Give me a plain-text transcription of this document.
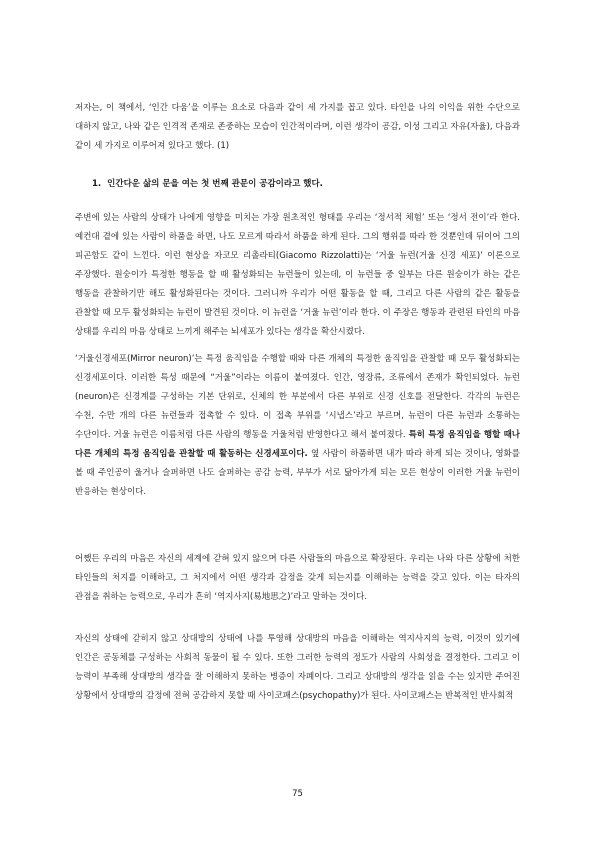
저자는, 이 책에서, ‘인간 다움’을 이루는 요소로 다음과 같이 세 가지를 꼽고 있다. 타인을 나의 이익을 위한 수단으로 대하지 않고, 나와 같은 인격적 존재로 존중하는 모습이 인간적이라며, 이런 생각이 공감, 이성 그리고 자유(자율), 다음과 같이 세 가지로 이루어져 있다고 했다. (1)

1. 인간다운 삶의 문을 여는 첫 번째 관문이 공감이라고 했다.

주변에 있는 사람의 상태가 나에게 영향을 미치는 가장 원초적인 형태를 우리는 ‘정서적 체험’ 또는 ‘정서 전이’라 한다. 예컨대 곁에 있는 사람이 하품을 하면, 나도 모르게 따라서 하품을 하게 된다. 그의 행위를 따라 한 것뿐인데 뒤이어 그의 피곤함도 같이 느낀다. 이런 현상을 자코모 리촐라티(Giacomo Rizzolatti)는 ‘거울 뉴런(거울 신경 세포)’ 이론으로 주장했다. 원숭이가 특정한 행동을 할 때 활성화되는 뉴런들이 있는데, 이 뉴런들 중 일부는 다른 원숭이가 하는 같은 행동을 관찰하기만 해도 활성화된다는 것이다. 그러니까 우리가 어떤 활동을 할 때, 그리고 다른 사람의 같은 활동을 관찰할 때 모두 활성화되는 뉴런이 발견된 것이다. 이 뉴런을 ‘거울 뉴런’이라 한다. 이 주장은 행동과 관련된 타인의 마음 상태를 우리의 마음 상태로 느끼게 해주는 뇌세포가 있다는 생각을 확산시켰다.

‘거울신경세포(Mirror neuron)’는 특정 움직임을 수행할 때와 다른 개체의 특정한 움직임을 관찰할 때 모두 활성화되는 신경세포이다. 이러한 특성 때문에 “거울”이라는 이름이 붙여졌다. 인간, 영장류, 조류에서 존재가 확인되었다. 뉴런(neuron)은 신경계를 구성하는 기본 단위로, 신체의 한 부분에서 다른 부위로 신경 신호를 전달한다. 각각의 뉴런은 수천, 수만 개의 다른 뉴런들과 접촉할 수 있다. 이 접촉 부위를 ‘시냅스’라고 부르며, 뉴런이 다른 뉴런과 소통하는 수단이다. 거울 뉴런은 이름처럼 다른 사람의 행동을 거울처럼 반영한다고 해서 붙여졌다. 특히 특정 움직임을 행할 때나 다른 개체의 특정 움직임을 관찰할 때 활동하는 신경세포이다. 옆 사람이 하품하면 내가 따라 하게 되는 것이나, 영화를 볼 때 주인공이 울거나 슬퍼하면 나도 슬퍼하는 공감 능력, 부부가 서로 닮아가게 되는 모든 현상이 이러한 거울 뉴런이 반응하는 현상이다.

어쨌든 우리의 마음은 자신의 세계에 갇혀 있지 않으며 다른 사람들의 마음으로 확장된다. 우리는 나와 다른 상황에 처한 타인들의 처지를 이해하고, 그 처지에서 어떤 생각과 감정을 갖게 되는지를 이해하는 능력을 갖고 있다. 이는 타자의 관점을 취하는 능력으로, 우리가 흔히 ‘역지사지(易地思之)’라고 말하는 것이다.

자신의 상태에 갇히지 않고 상대방의 상태에 나를 투영해 상대방의 마음을 이해하는 역지사지의 능력, 이것이 있기에 인간은 공동체를 구성하는 사회적 동물이 될 수 있다. 또한 그러한 능력의 정도가 사람의 사회성을 결정한다. 그리고 이 능력이 부족해 상대방의 생각을 잘 이해하지 못하는 병증이 자폐이다. 그리고 상대방의 생각을 읽을 수는 있지만 주어진 상황에서 상대방의 감정에 전혀 공감하지 못할 때 사이코패스(psychopathy)가 된다. 사이코패스는 반복적인 반사회적

75
